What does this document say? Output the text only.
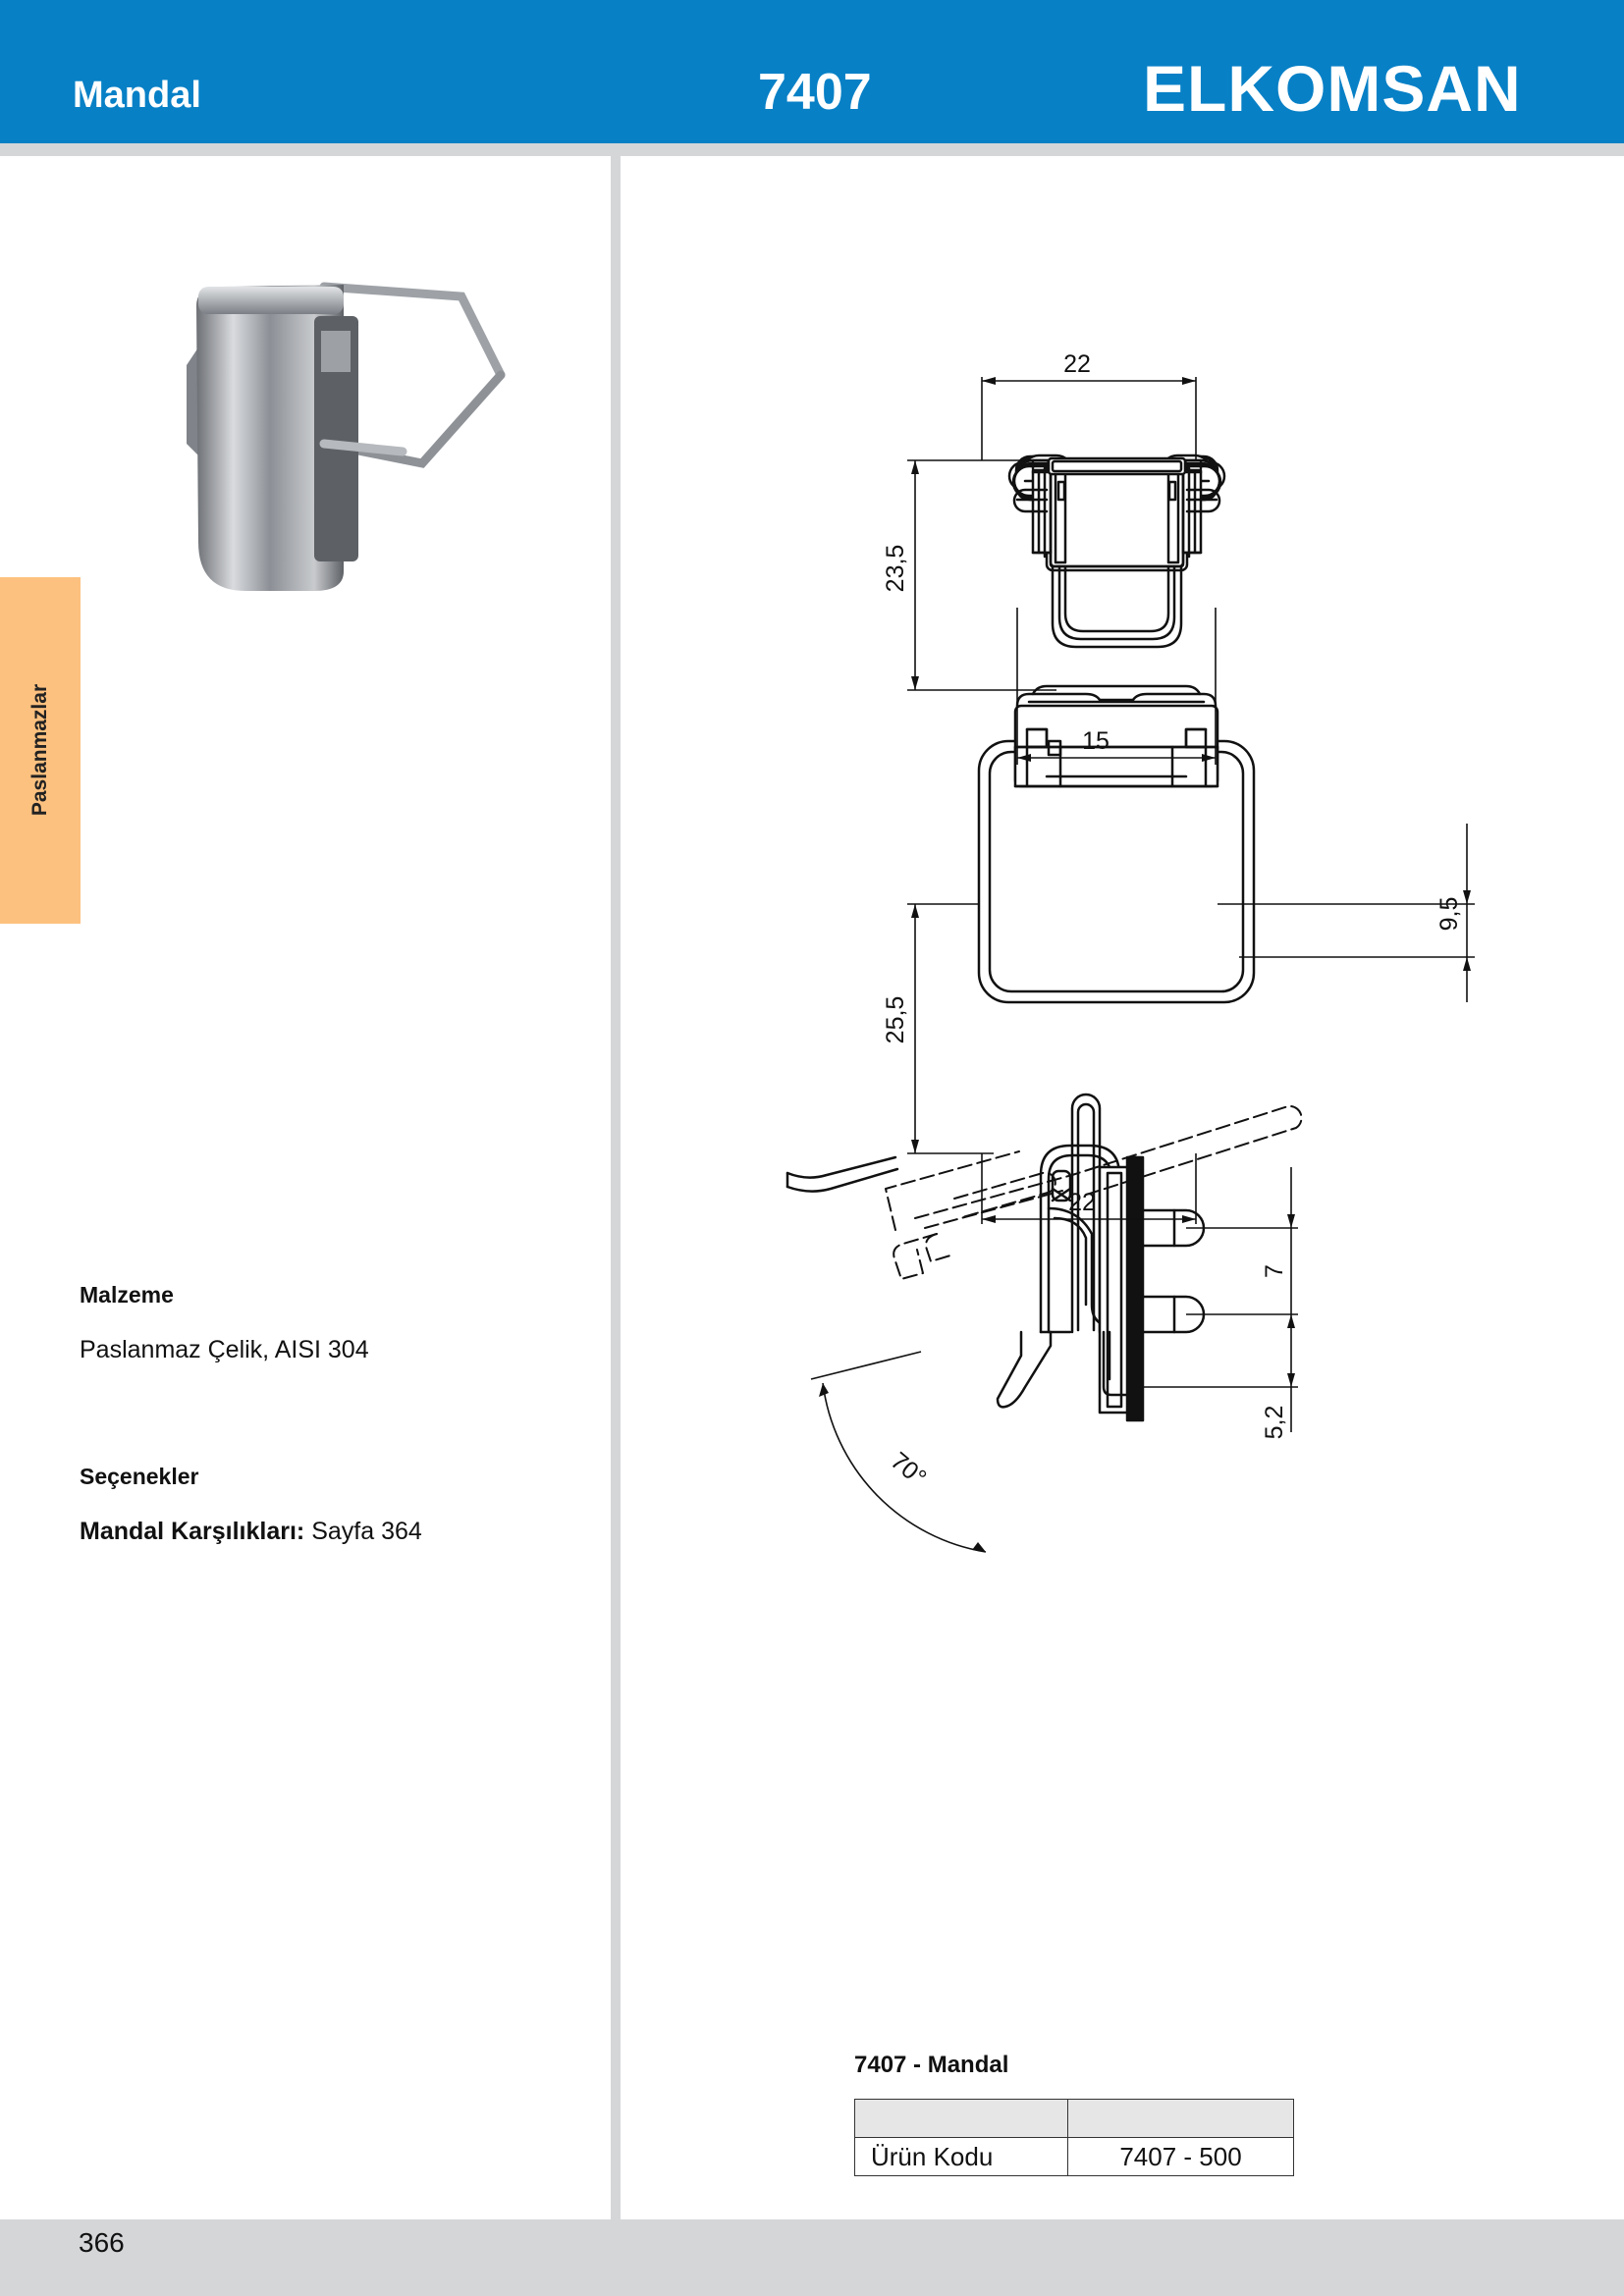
Mandal	7407	ELKOMSAN
Paslanmazlar
Malzeme
Paslanmaz Çelik, AISI 304
Seçenekler
Mandal Karşılıkları: Sayfa 364
22
23,5
15
25,5
9,5
22
70°
7
5,2
7407 - Mandal

Ürün Kodu	7407 - 500
366
